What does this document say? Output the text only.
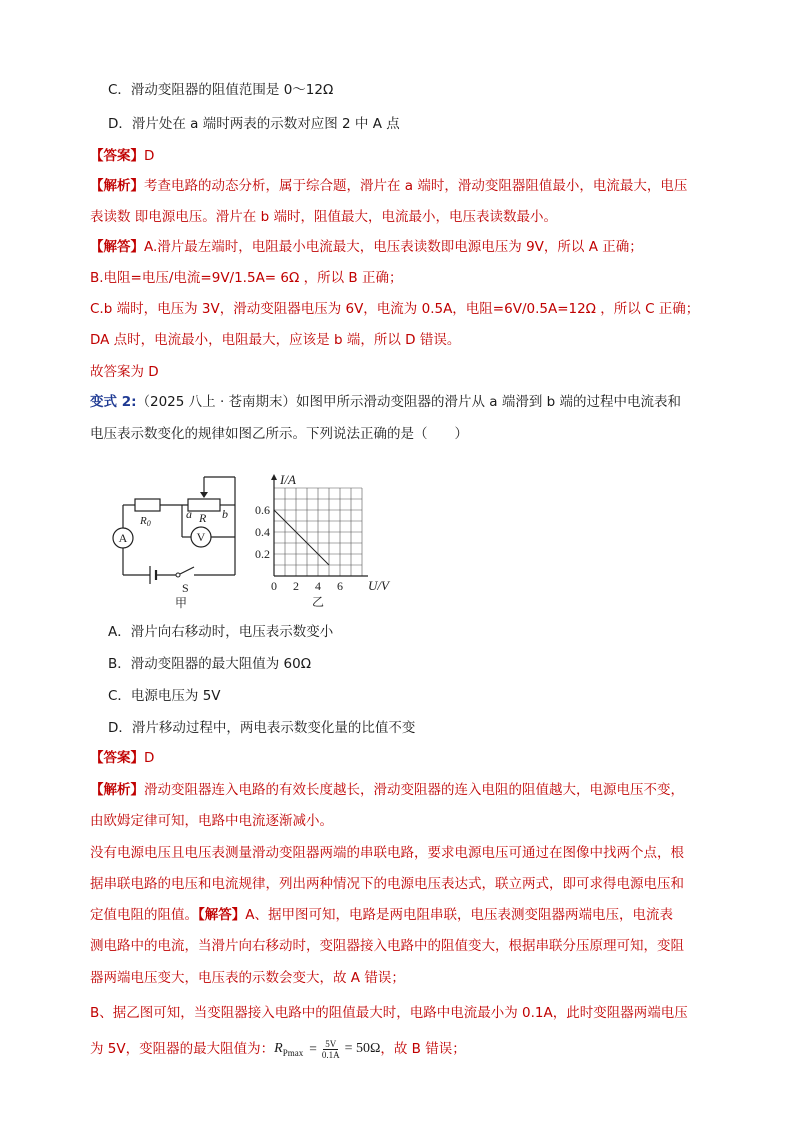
C．滑动变阻器的阻值范围是 0～12Ω
D．滑片处在 a 端时两表的示数对应图 2 中 A 点
【答案】D
【解析】考查电路的动态分析，属于综合题，滑片在 a 端时，滑动变阻器阻值最小，电流最大，电压
表读数 即电源电压。滑片在 b 端时，阻值最大，电流最小，电压表读数最小。
【解答】A.滑片最左端时，电阻最小电流最大，电压表读数即电源电压为 9V，所以 A 正确；
B.电阻=电压/电流=9V/1.5A= 6Ω ，所以 B 正确；
C.b 端时，电压为 3V，滑动变阻器电压为 6V，电流为 0.5A，电阻=6V/0.5A=12Ω ，所以 C 正确；
DA 点时，电流最小，电阻最大，应该是 b 端，所以 D 错误。
故答案为 D
变式 2:（2025 八上 · 苍南期末）如图甲所示滑动变阻器的滑片从 a 端滑到 b 端的过程中电流表和
电压表示数变化的规律如图乙所示。下列说法正确的是（　　）
A	V
R0
a R b
S
甲
0 2 4 6
0.2
0.4
0.6
I/A
U/V
乙
A．滑片向右移动时，电压表示数变小
B．滑动变阻器的最大阻值为 60Ω
C．电源电压为 5V
D．滑片移动过程中，两电表示数变化量的比值不变
【答案】D
【解析】滑动变阻器连入电路的有效长度越长，滑动变阻器的连入电阻的阻值越大，电源电压不变，
由欧姆定律可知，电路中电流逐渐减小。
没有电源电压且电压表测量滑动变阻器两端的串联电路，要求电源电压可通过在图像中找两个点，根
据串联电路的电压和电流规律，列出两种情况下的电源电压表达式，联立两式，即可求得电源电压和
定值电阻的阻值。【解答】A、据甲图可知，电路是两电阻串联，电压表测变阻器两端电压，电流表
测电路中的电流，当滑片向右移动时，变阻器接入电路中的阻值变大，根据串联分压原理可知，变阻
器两端电压变大，电压表的示数会变大，故 A 错误；
B、据乙图可知，当变阻器接入电路中的阻值最大时，电路中电流最小为 0.1A，此时变阻器两端电压
为 5V，变阻器的最大阻值为： R $Pmax = \frac{5V}{0.1A} = 50\Omega$ ，故 B 错误；
